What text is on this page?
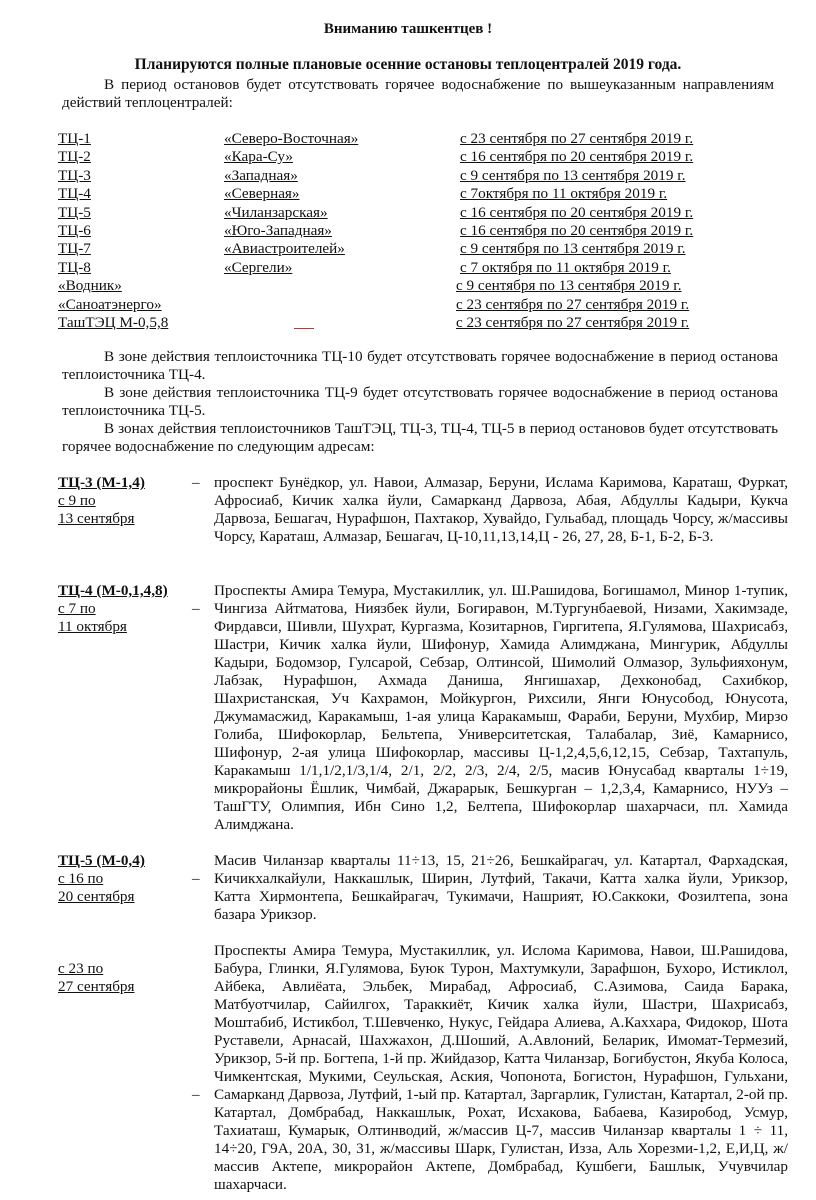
Вниманию ташкентцев !
Планируются полные плановые осенние остановы теплоцентралей 2019 года.
В период остановов будет отсутствовать горячее водоснабжение по вышеуказанным направлениям действий теплоцентралей:
ТЦ-1	«Северо-Восточная»	с 23 сентября по 27 сентября 2019 г.
ТЦ-2	«Кара-Су»	с 16 сентября по 20 сентября 2019 г.
ТЦ-3	«Западная»	с 9 сентября по 13 сентября 2019 г.
ТЦ-4	«Северная»	с 7октября по 11 октября 2019 г.
ТЦ-5	«Чиланзарская»	с 16 сентября по 20 сентября 2019 г.
ТЦ-6	«Юго-Западная»	с 16 сентября по 20 сентября 2019 г.
ТЦ-7	«Авиастроителей»	с 9 сентября по 13 сентября 2019 г.
ТЦ-8	«Сергели»	с 7 октября по 11 октября 2019 г.
«Водник»	с 9 сентября по 13 сентября 2019 г.
«Саноатэнерго»	с 23 сентября по 27 сентября 2019 г.
ТашТЭЦ М-0,5,8	с 23 сентября по 27 сентября 2019 г.
В зоне действия теплоисточника ТЦ-10 будет отсутствовать горячее водоснабжение в период останова теплоисточника ТЦ-4.
В зоне действия теплоисточника ТЦ-9 будет отсутствовать горячее водоснабжение в период останова теплоисточника ТЦ-5.
В зонах действия теплоисточников ТашТЭЦ, ТЦ-3, ТЦ-4, ТЦ-5 в период остановов будет отсутствовать горячее водоснабжение по следующим адресам:
ТЦ-3 (М-1,4)
с 9 по
13 сентября
– проспект Бунёдкор, ул. Навои, Алмазар, Беруни, Ислама Каримова, Караташ, Фуркат, Афросиаб, Кичик халка йули, Самарканд Дарвоза, Абая, Абдуллы Кадыри, Кукча Дарвоза, Бешагач, Нурафшон, Пахтакор, Хувайдо, Гульабад, площадь Чорсу, ж/массивы Чорсу, Караташ, Алмазар, Бешагач, Ц-10,11,13,14,Ц - 26, 27, 28, Б-1, Б-2, Б-3.
ТЦ-4 (М-0,1,4,8)
с 7 по
11 октября
–
Проспекты Амира Темура, Мустакиллик, ул. Ш.Рашидова, Богишамол, Минор 1-тупик, Чингиза Айтматова, Ниязбек йули, Богиравон, М.Тургунбаевой, Низами, Хакимзаде, Фирдавси, Шивли, Шухрат, Кургазма, Козитарнов, Гиргитепа, Я.Гулямова, Шахрисабз, Шастри, Кичик халка йули, Шифонур, Хамида Алимджана, Мингурик, Абдуллы Кадыри, Бодомзор, Гулсарой, Себзар, Олтинсой, Шимолий Олмазор, Зульфияхонум, Лабзак, Нурафшон, Ахмада Даниша, Янгишахар, Дехконобад, Сахибкор, Шахристанская, Уч Кахрамон, Мойкургон, Рихсили, Янги Юнусобод, Юнусота, Джумамасжид, Каракамыш, 1-ая улица Каракамыш, Фараби, Беруни, Мухбир, Мирзо Голиба, Шифокорлар, Бельтепа, Университетская, Талабалар, Зиё, Камарнисо, Шифонур, 2-ая улица Шифокорлар, массивы Ц-1,2,4,5,6,12,15, Себзар, Тахтапуль, Каракамыш 1/1,1/2,1/3,1/4, 2/1, 2/2, 2/3, 2/4, 2/5, масив Юнусабад кварталы 1÷19, микрорайоны Ёшлик, Чимбай, Джарарык, Бешкурган – 1,2,3,4, Камарнисо, НУУз – ТашГТУ, Олимпия, Ибн Сино 1,2, Белтепа, Шифокорлар шахарчаси, пл. Хамида Алимджана.
ТЦ-5 (М-0,4)
с 16 по
20 сентября
–
Масив Чиланзар кварталы 11÷13, 15, 21÷26, Бешкайрагач, ул. Катартал, Фархадская, Кичикхалкайули, Наккашлык, Ширин, Лутфий, Такачи, Катта халка йули, Урикзор, Катта Хирмонтепа, Бешкайрагач, Тукимачи, Нашрият, Ю.Саккоки, Фозилтепа, зона базара Урикзор.
с 23 по
27 сентября
–
Проспекты Амира Темура, Мустакиллик, ул. Ислома Каримова, Навои, Ш.Рашидова, Бабура, Глинки, Я.Гулямова, Буюк Турон, Махтумкули, Зарафшон, Бухоро, Истиклол, Айбека, Авлиёата, Эльбек, Мирабад, Афросиаб, С.Азимова, Саида Барака, Матбуотчилар, Сайилгох, Тараккиёт, Кичик халка йули, Шастри, Шахрисабз, Моштабиб, Истикбол, Т.Шевченко, Нукус, Гейдара Алиева, А.Каххара, Фидокор, Шота Руставели, Арнасай, Шахжахон, Д.Шоший, А.Авлоний, Беларик, Имомат-Термезий, Урикзор, 5-й пр. Богтепа, 1-й пр. Жийдазор, Катта Чиланзар, Богибустон, Якуба Колоса, Чимкентская, Мукими, Сеульская, Аския, Чопонота, Богистон, Нурафшон, Гульхани, Самарканд Дарвоза, Лутфий, 1-ый пр. Катартал, Заргарлик, Гулистан, Катартал, 2-ой пр. Катартал, Домбрабад, Наккашлык, Рохат, Исхакова, Бабаева, Казиробод, Усмур, Тахиаташ, Кумарык, Олтинводий, ж/массив Ц-7, массив Чиланзар кварталы 1 ÷ 11, 14÷20, Г9А, 20А, 30, 31, ж/массивы Шарк, Гулистан, Изза, Аль Хорезми-1,2, Е,И,Ц, ж/массив Актепе, микрорайон Актепе, Домбрабад, Кушбеги, Башлык, Учувчилар шахарчаси.
